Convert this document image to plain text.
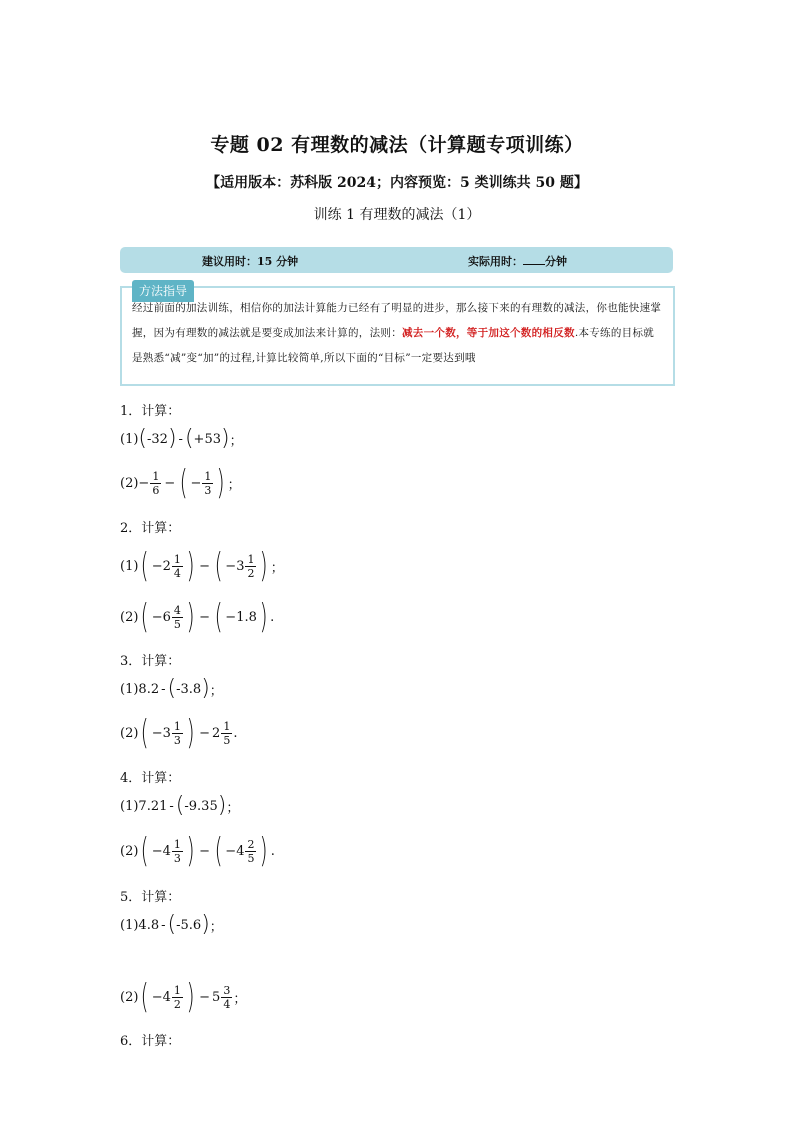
专题 02 有理数的减法（计算题专项训练）
【适用版本：苏科版 2024；内容预览：5 类训练共 50 题】
训练 1 有理数的减法（1）
建议用时：15 分钟	实际用时： 分钟
方法指导
经过前面的加法训练，相信你的加法计算能力已经有了明显的进步，那么接下来的有理数的减法，你也能快速掌握，因为有理数的减法就是要变成加法来计算的，法则：减去一个数，等于加这个数的相反数.本专练的目标就是熟悉“减”变“加”的过程,计算比较简单,所以下面的“目标”一定要达到哦
1．计算：
(1) ( -32 ) - ( +53 ) ；
$(2) - \frac{1}{6}$ − ( − $\frac{1}{3}$ ) ；
2．计算：
(1) ( $-2 \frac{1}{4}$ ) − ( $-3 \frac{1}{2}$ ) ；
(2) ( $-6 \frac{4}{5}$ ) − ( −1.8 ) .
3．计算：
(1) 8.2 - ( -3.8 ) ；
(2) ( $-3 \frac{1}{3}$ ) − $2 \frac{1}{5}$ .
4．计算：
(1) 7.21 - ( -9.35 ) ；
(2) ( $-4 \frac{1}{3}$ ) − ( $-4 \frac{2}{5}$ ) .
5．计算：
(1) 4.8 - ( -5.6 ) ；
(2) ( $-4 \frac{1}{2}$ ) − $5 \frac{3}{4}$ ；
6．计算：
